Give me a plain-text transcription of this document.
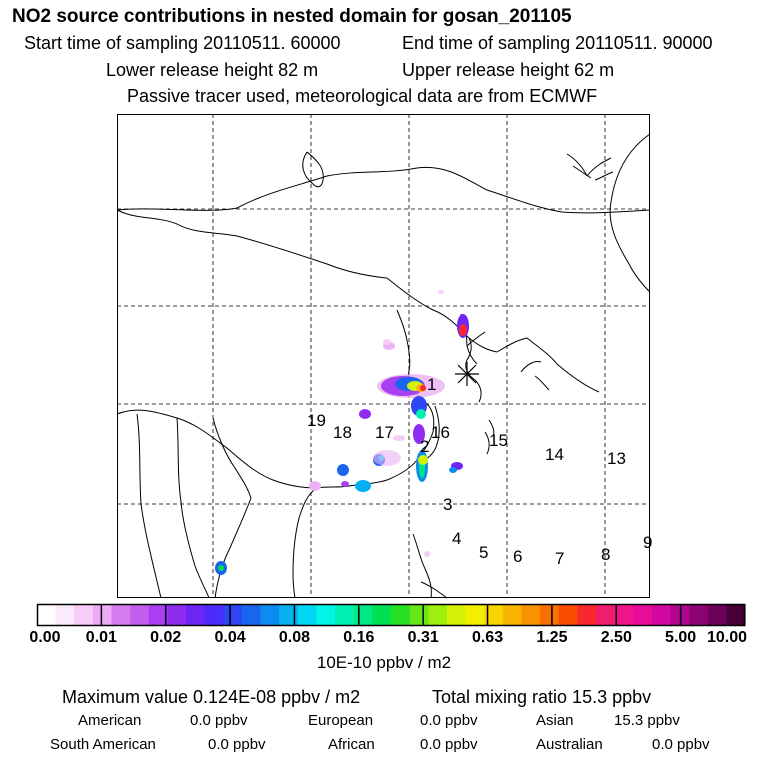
NO2 source contributions in nested domain for gosan_201105
Start time of sampling 20110511. 60000	End time of sampling 20110511. 90000
Lower release height 82 m	Upper release height 62 m
Passive tracer used, meteorological data are from ECMWF
1
2
3
4
5 6 7 8
9
13
14
15
16
17
18
19
0.00 0.01 0.02 0.04 0.08 0.16 0.31 0.63 1.25 2.50 5.00 10.00
10E-10 ppbv / m2
Maximum value 0.124E-08 ppbv / m2	Total mixing ratio 15.3 ppbv
American	0.0 ppbv	European	0.0 ppbv	Asian	15.3 ppbv
South American	0.0 ppbv	African	0.0 ppbv	Australian	0.0 ppbv
